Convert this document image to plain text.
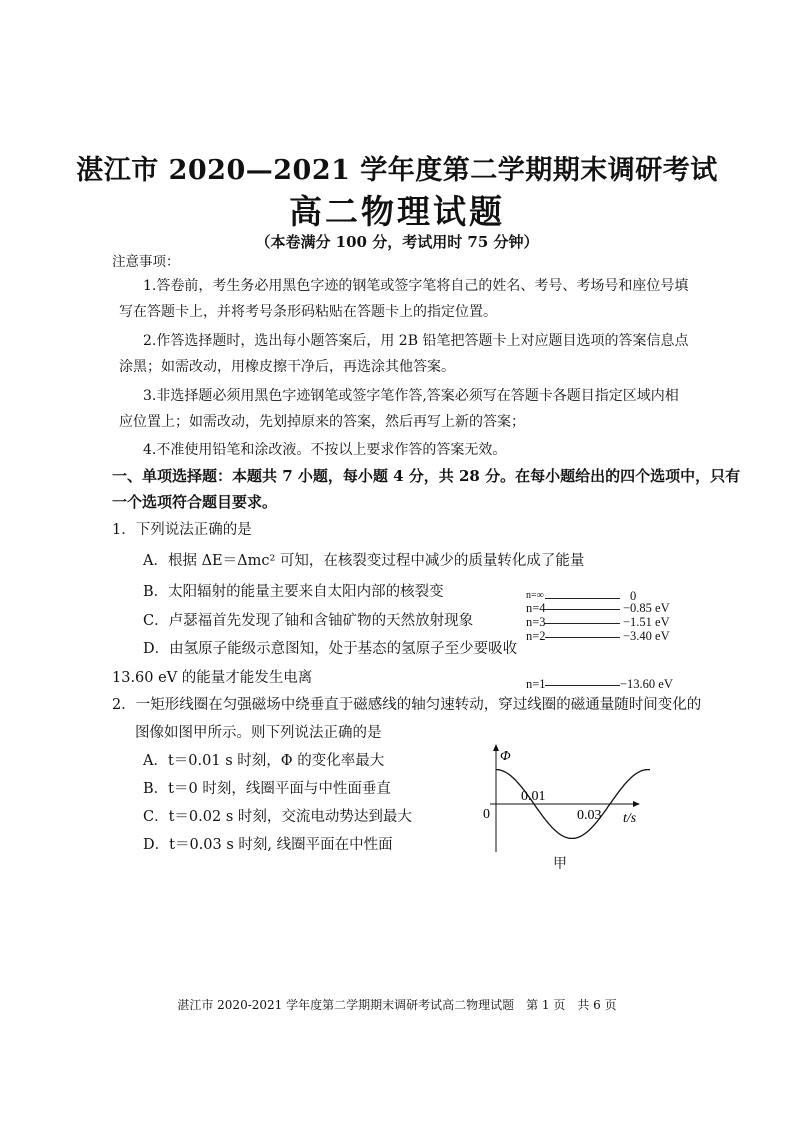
湛江市 2020—2021 学年度第二学期期末调研考试
高二物理试题
（本卷满分 100 分，考试用时 75 分钟）
注意事项：
1.答卷前，考生务必用黑色字迹的钢笔或签字笔将自己的姓名、考号、考场号和座位号填
写在答题卡上，并将考号条形码粘贴在答题卡上的指定位置。
2.作答选择题时，选出每小题答案后，用 2B 铅笔把答题卡上对应题目选项的答案信息点
涂黑；如需改动，用橡皮擦干净后，再选涂其他答案。
3.非选择题必须用黑色字迹钢笔或签字笔作答,答案必须写在答题卡各题目指定区域内相
应位置上；如需改动，先划掉原来的答案，然后再写上新的答案；
4.不准使用铅笔和涂改液。不按以上要求作答的答案无效。
一、单项选择题：本题共 7 小题，每小题 4 分，共 28 分。在每小题给出的四个选项中，只有
一个选项符合题目要求。
1．下列说法正确的是
A．根据 ΔE＝Δmc² 可知，在核裂变过程中减少的质量转化成了能量
B．太阳辐射的能量主要来自太阳内部的核裂变
C．卢瑟福首先发现了铀和含铀矿物的天然放射现象
D．由氢原子能级示意图知，处于基态的氢原子至少要吸收
13.60 eV 的能量才能发生电离
n=∞	0
n=4	−0.85 eV
n=3	−1.51 eV
n=2	−3.40 eV
n=1	−13.60 eV
2．一矩形线圈在匀强磁场中绕垂直于磁感线的轴匀速转动，穿过线圈的磁通量随时间变化的
图像如图甲所示。则下列说法正确的是
A．t＝0.01 s 时刻，Φ 的变化率最大
B．t＝0 时刻，线圈平面与中性面垂直
C．t＝0.02 s 时刻，交流电动势达到最大
D．t＝0.03 s 时刻, 线圈平面在中性面
Φ
t/s
0
0.01
0.03
甲
湛江市 2020-2021 学年度第二学期期末调研考试高二物理试题　第 1 页　共 6 页
